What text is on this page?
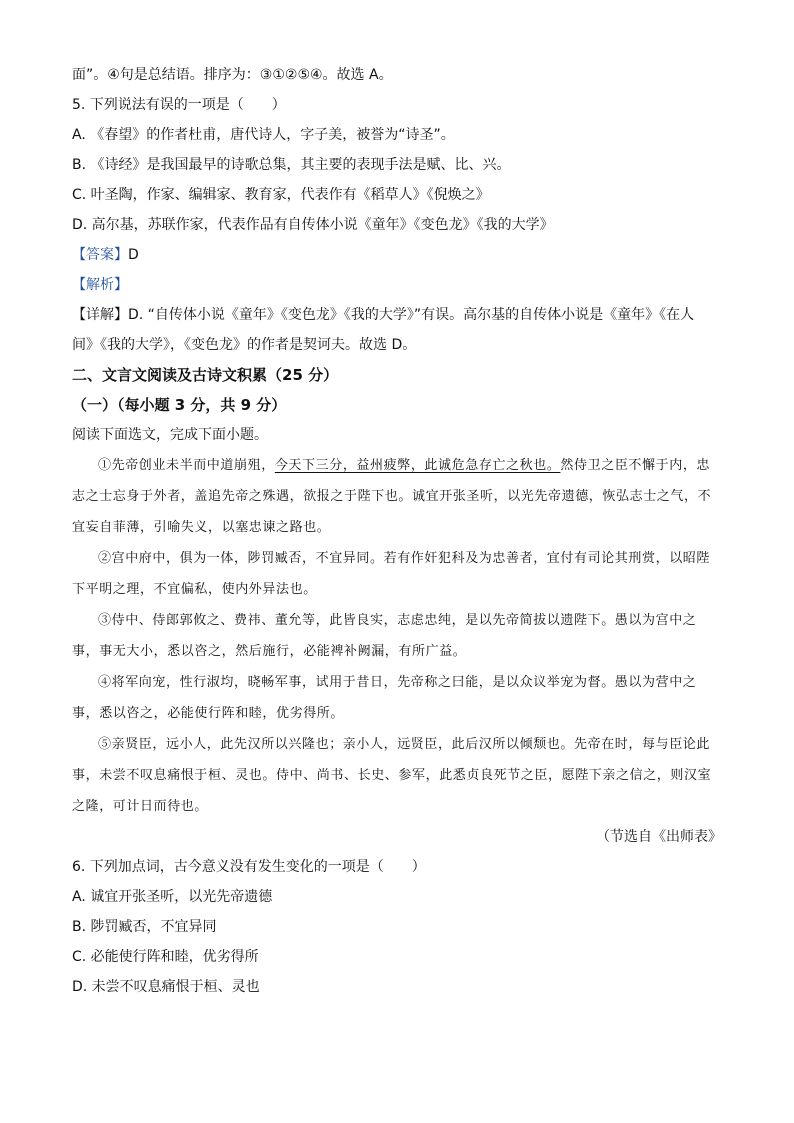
面”。④句是总结语。排序为：③①②⑤④。故选 A。
5. 下列说法有误的一项是（　　）
A. 《春望》的作者杜甫，唐代诗人，字子美，被誉为“诗圣”。
B. 《诗经》是我国最早的诗歌总集，其主要的表现手法是赋、比、兴。
C. 叶圣陶，作家、编辑家、教育家，代表作有《稻草人》《倪焕之》
D. 高尔基，苏联作家，代表作品有自传体小说《童年》《变色龙》《我的大学》
【答案】D
【解析】
【详解】D. “自传体小说《童年》《变色龙》《我的大学》”有误。高尔基的自传体小说是《童年》《在人
间》《我的大学》，《变色龙》的作者是契诃夫。故选 D。
二、文言文阅读及古诗文积累（25 分）
（一）（每小题 3 分，共 9 分）
阅读下面选文，完成下面小题。
①先帝创业未半而中道崩殂，今天下三分，益州疲弊，此诚危急存亡之秋也。然侍卫之臣不懈于内，忠志之士忘身于外者，盖追先帝之殊遇，欲报之于陛下也。诚宜开张圣听，以光先帝遗德，恢弘志士之气，不宜妄自菲薄，引喻失义，以塞忠谏之路也。
②宫中府中，俱为一体，陟罚臧否，不宜异同。若有作奸犯科及为忠善者，宜付有司论其刑赏，以昭陛下平明之理，不宜偏私，使内外异法也。
③侍中、侍郎郭攸之、费祎、董允等，此皆良实，志虑忠纯，是以先帝简拔以遗陛下。愚以为宫中之事，事无大小，悉以咨之，然后施行，必能裨补阙漏，有所广益。
④将军向宠，性行淑均，晓畅军事，试用于昔日，先帝称之曰能，是以众议举宠为督。愚以为营中之事，悉以咨之，必能使行阵和睦，优劣得所。
⑤亲贤臣，远小人，此先汉所以兴隆也；亲小人，远贤臣，此后汉所以倾颓也。先帝在时，每与臣论此事，未尝不叹息痛恨于桓、灵也。侍中、尚书、长史、参军，此悉贞良死节之臣，愿陛下亲之信之，则汉室之隆，可计日而待也。
（节选自《出师表》
6. 下列加点词，古今意义没有发生变化的一项是（　　）
A. 诚宜开张圣听，以光先帝遗德
B. 陟罚臧否，不宜异同
C. 必能使行阵和睦，优劣得所
D. 未尝不叹息痛恨于桓、灵也
